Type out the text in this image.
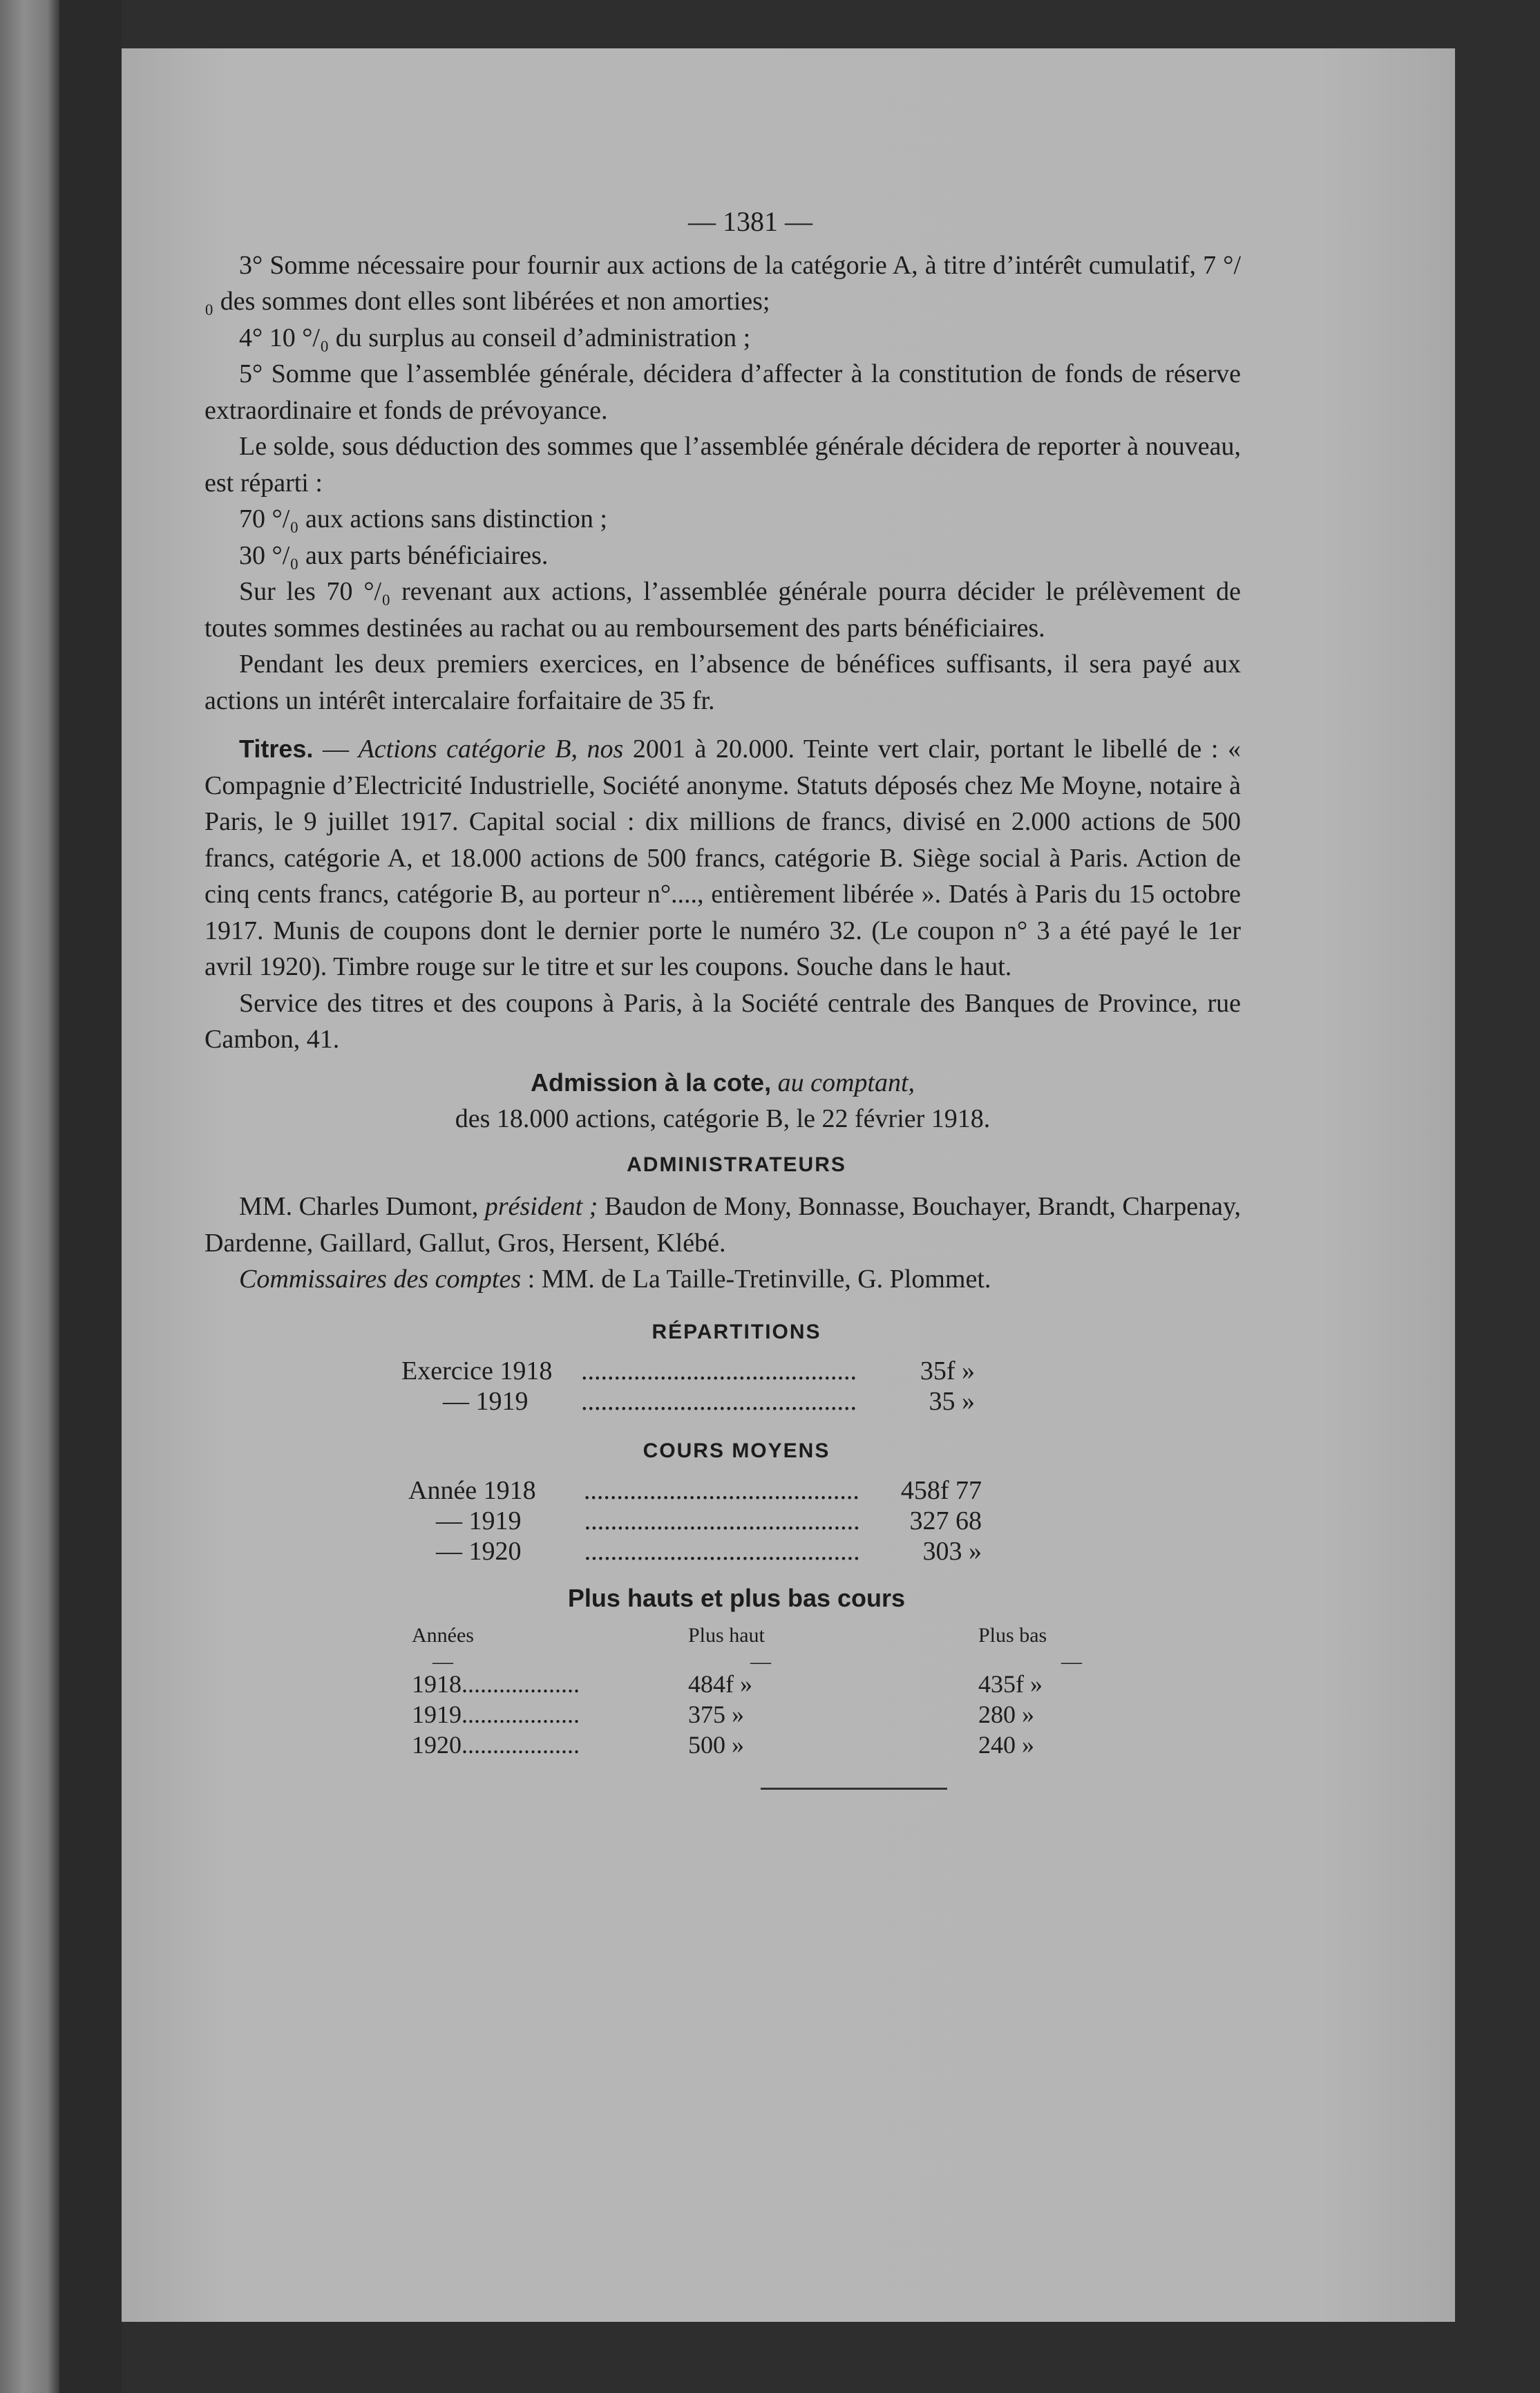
— 1381 —

3° Somme nécessaire pour fournir aux actions de la catégorie A, à titre d’intérêt cumulatif, 7 °/₀ des sommes dont elles sont libérées et non amorties;

4° 10 °/₀ du surplus au conseil d’administration ;

5° Somme que l’assemblée générale, décidera d’affecter à la constitution de fonds de réserve extraordinaire et fonds de prévoyance.

Le solde, sous déduction des sommes que l’assemblée générale décidera de reporter à nouveau, est réparti :

70 °/₀ aux actions sans distinction ;

30 °/₀ aux parts bénéficiaires.

Sur les 70 °/₀ revenant aux actions, l’assemblée générale pourra décider le prélèvement de toutes sommes destinées au rachat ou au remboursement des parts bénéficiaires.

Pendant les deux premiers exercices, en l’absence de bénéfices suffisants, il sera payé aux actions un intérêt intercalaire forfaitaire de 35 fr.

Titres. — Actions catégorie B, nos 2001 à 20.000. Teinte vert clair, portant le libellé de : « Compagnie d’Electricité Industrielle, Société anonyme. Statuts déposés chez Me Moyne, notaire à Paris, le 9 juillet 1917. Capital social : dix millions de francs, divisé en 2.000 actions de 500 francs, catégorie A, et 18.000 actions de 500 francs, catégorie B. Siège social à Paris. Action de cinq cents francs, catégorie B, au porteur n°...., entièrement libérée ». Datés à Paris du 15 octobre 1917. Munis de coupons dont le dernier porte le numéro 32. (Le coupon n° 3 a été payé le 1er avril 1920). Timbre rouge sur le titre et sur les coupons. Souche dans le haut.

Service des titres et des coupons à Paris, à la Société centrale des Banques de Province, rue Cambon, 41.

Admission à la cote, au comptant,

des 18.000 actions, catégorie B, le 22 février 1918.

ADMINISTRATEURS

MM. Charles Dumont, président ; Baudon de Mony, Bonnasse, Bouchayer, Brandt, Charpenay, Dardenne, Gaillard, Gallut, Gros, Hersent, Klébé.

Commissaires des comptes : MM. de La Taille-Tretinville, G. Plommet.

RÉPARTITIONS
Exercice 1918	..........................................	35f »
— 1919	..........................................	35 »
COURS MOYENS
Année 1918	..........................................	458f 77
— 1919	..........................................	327 68
— 1920	..........................................	303 »
Plus hauts et plus bas cours
Années	Plus haut	Plus bas
—	—	—
1918...................	484f »	435f »
1919...................	375 »	280 »
1920...................	500 »	240 »
